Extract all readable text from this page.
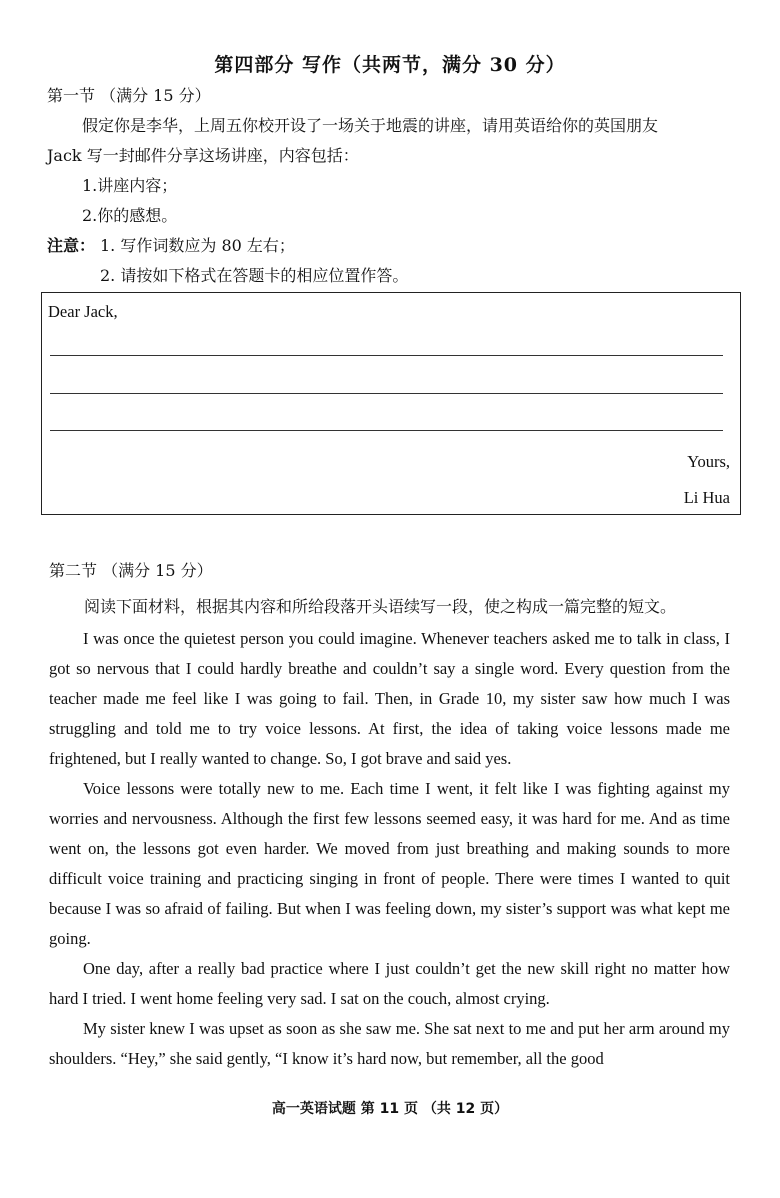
第四部分 写作（共两节，满分 30 分）
第一节 （满分 15 分）
假定你是李华，上周五你校开设了一场关于地震的讲座，请用英语给你的英国朋友
Jack 写一封邮件分享这场讲座，内容包括：
1.讲座内容；
2.你的感想。
注意： 1. 写作词数应为 80 左右；
2. 请按如下格式在答题卡的相应位置作答。
Dear Jack,
Yours,
Li Hua
第二节 （满分 15 分）
阅读下面材料，根据其内容和所给段落开头语续写一段，使之构成一篇完整的短文。
I was once the quietest person you could imagine. Whenever teachers asked me to talk in class, I got so nervous that I could hardly breathe and couldn’t say a single word. Every question from the teacher made me feel like I was going to fail. Then, in Grade 10, my sister saw how much I was struggling and told me to try voice lessons. At first, the idea of taking voice lessons made me frightened, but I really wanted to change. So, I got brave and said yes.
Voice lessons were totally new to me. Each time I went, it felt like I was fighting against my worries and nervousness. Although the first few lessons seemed easy, it was hard for me. And as time went on, the lessons got even harder. We moved from just breathing and making sounds to more difficult voice training and practicing singing in front of people. There were times I wanted to quit because I was so afraid of failing. But when I was feeling down, my sister’s support was what kept me going.
One day, after a really bad practice where I just couldn’t get the new skill right no matter how hard I tried. I went home feeling very sad. I sat on the couch, almost crying.
My sister knew I was upset as soon as she saw me. She sat next to me and put her arm around my shoulders. “Hey,” she said gently, “I know it’s hard now, but remember, all the good
高一英语试题 第 11 页 （共 12 页）
